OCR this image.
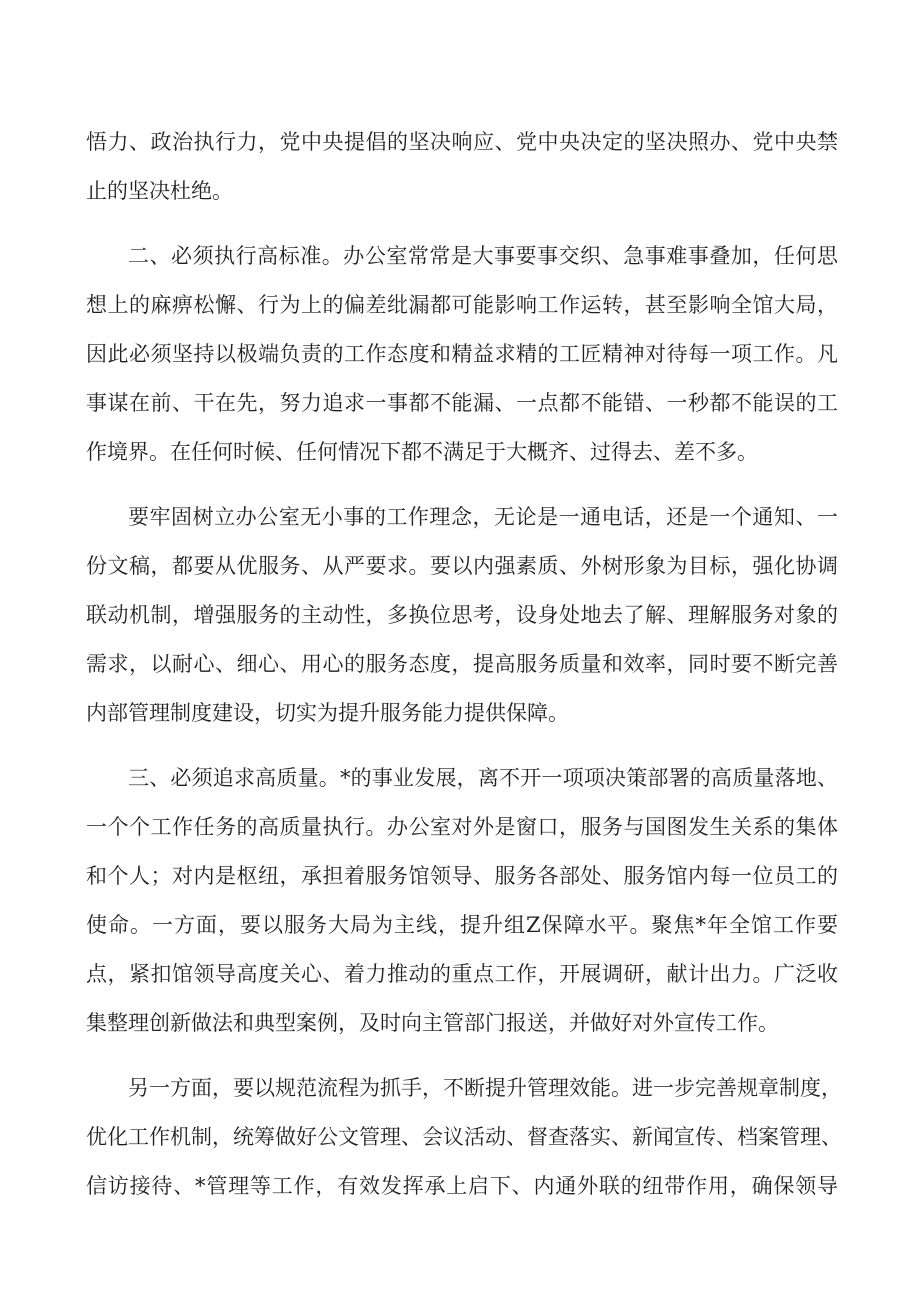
悟力、政治执行力，党中央提倡的坚决响应、党中央决定的坚决照办、党中央禁
止的坚决杜绝。
二、必须执行高标准。办公室常常是大事要事交织、急事难事叠加，任何思
想上的麻痹松懈、行为上的偏差纰漏都可能影响工作运转，甚至影响全馆大局，
因此必须坚持以极端负责的工作态度和精益求精的工匠精神对待每一项工作。凡
事谋在前、干在先，努力追求一事都不能漏、一点都不能错、一秒都不能误的工
作境界。在任何时候、任何情况下都不满足于大概齐、过得去、差不多。
要牢固树立办公室无小事的工作理念，无论是一通电话，还是一个通知、一
份文稿，都要从优服务、从严要求。要以内强素质、外树形象为目标，强化协调
联动机制，增强服务的主动性，多换位思考，设身处地去了解、理解服务对象的
需求，以耐心、细心、用心的服务态度，提高服务质量和效率，同时要不断完善
内部管理制度建设，切实为提升服务能力提供保障。
三、必须追求高质量。*的事业发展，离不开一项项决策部署的高质量落地、
一个个工作任务的高质量执行。办公室对外是窗口，服务与国图发生关系的集体
和个人；对内是枢纽，承担着服务馆领导、服务各部处、服务馆内每一位员工的
使命。一方面，要以服务大局为主线，提升组Z保障水平。聚焦*年全馆工作要
点，紧扣馆领导高度关心、着力推动的重点工作，开展调研，献计出力。广泛收
集整理创新做法和典型案例，及时向主管部门报送，并做好对外宣传工作。
另一方面，要以规范流程为抓手，不断提升管理效能。进一步完善规章制度，
优化工作机制，统筹做好公文管理、会议活动、督查落实、新闻宣传、档案管理、
信访接待、*管理等工作，有效发挥承上启下、内通外联的纽带作用，确保领导
